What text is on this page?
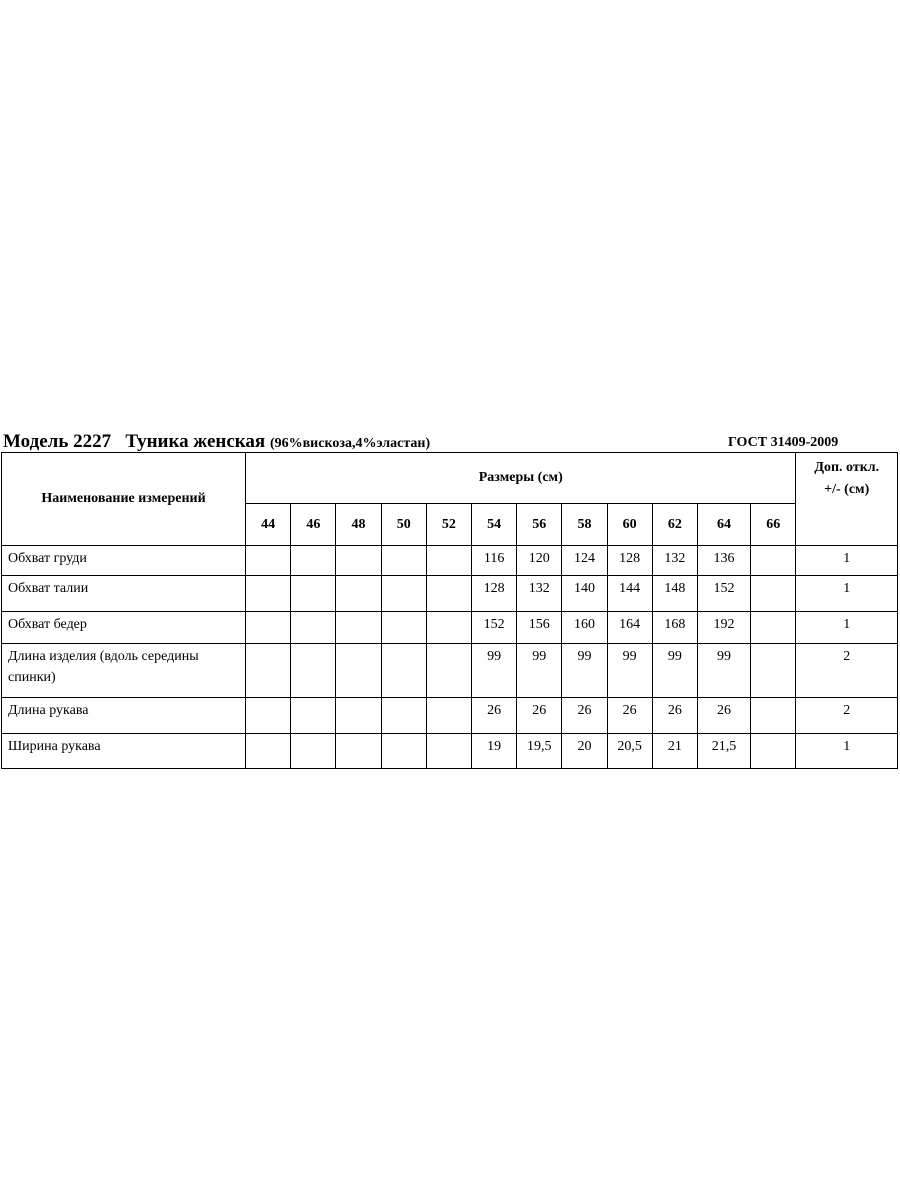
Модель 2227   Туника женская (96%вискоза,4%эластан)	ГОСТ 31409-2009
Наименование измерений	Размеры (см)												Доп. откл.
+/- (см)

	44	46	48	50	52	54	56	58	60	62	64	66	
Обхват груди						116	120	124	128	132	136		1
Обхват талии						128	132	140	144	148	152		1
Обхват бедер						152	156	160	164	168	192		1
Длина изделия (вдоль середины спинки)						99	99	99	99	99	99		2
Длина рукава						26	26	26	26	26	26		2
Ширина рукава						19	19,5	20	20,5	21	21,5		1
